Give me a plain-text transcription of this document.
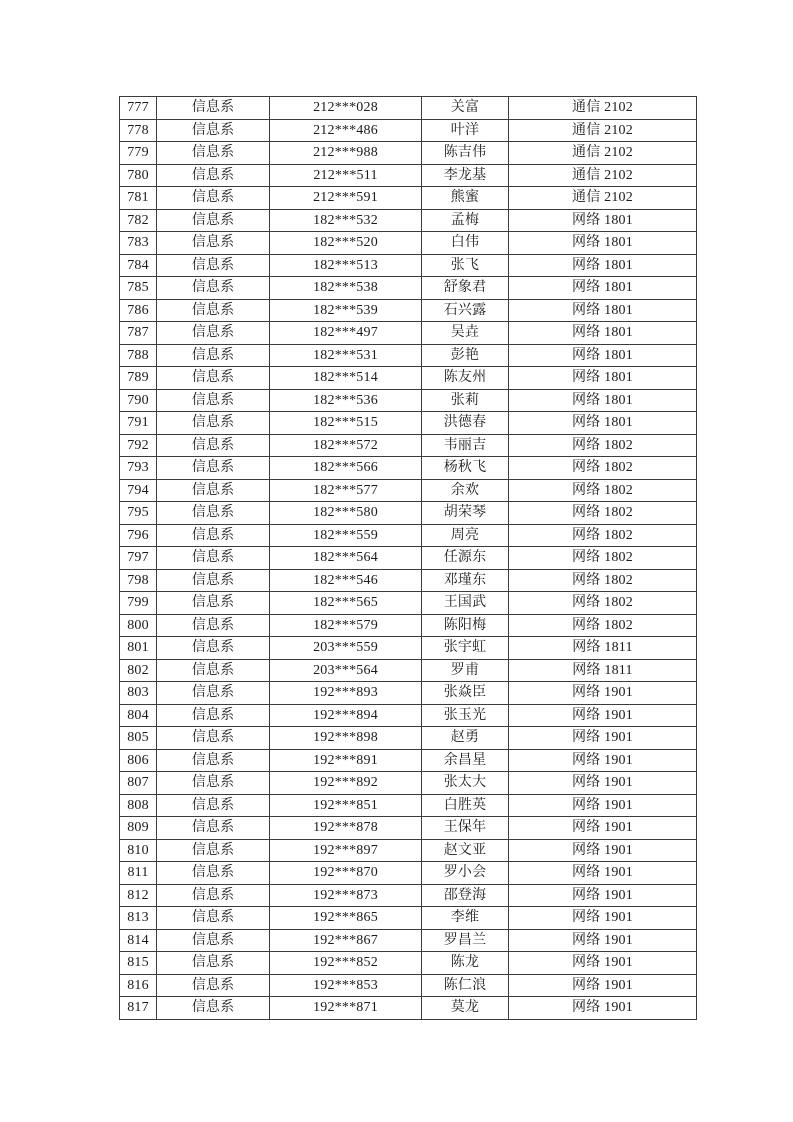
777	信息系	212***028	关富	通信 2102
778	信息系	212***486	叶洋	通信 2102
779	信息系	212***988	陈吉伟	通信 2102
780	信息系	212***511	李龙基	通信 2102
781	信息系	212***591	熊蜜	通信 2102
782	信息系	182***532	孟梅	网络 1801
783	信息系	182***520	白伟	网络 1801
784	信息系	182***513	张飞	网络 1801
785	信息系	182***538	舒象君	网络 1801
786	信息系	182***539	石兴露	网络 1801
787	信息系	182***497	吴垚	网络 1801
788	信息系	182***531	彭艳	网络 1801
789	信息系	182***514	陈友州	网络 1801
790	信息系	182***536	张莉	网络 1801
791	信息系	182***515	洪德春	网络 1801
792	信息系	182***572	韦丽吉	网络 1802
793	信息系	182***566	杨秋飞	网络 1802
794	信息系	182***577	余欢	网络 1802
795	信息系	182***580	胡荣琴	网络 1802
796	信息系	182***559	周亮	网络 1802
797	信息系	182***564	任源东	网络 1802
798	信息系	182***546	邓瑾东	网络 1802
799	信息系	182***565	王国武	网络 1802
800	信息系	182***579	陈阳梅	网络 1802
801	信息系	203***559	张宇虹	网络 1811
802	信息系	203***564	罗甫	网络 1811
803	信息系	192***893	张焱臣	网络 1901
804	信息系	192***894	张玉光	网络 1901
805	信息系	192***898	赵勇	网络 1901
806	信息系	192***891	余昌星	网络 1901
807	信息系	192***892	张太大	网络 1901
808	信息系	192***851	白胜英	网络 1901
809	信息系	192***878	王保年	网络 1901
810	信息系	192***897	赵文亚	网络 1901
811	信息系	192***870	罗小会	网络 1901
812	信息系	192***873	邵登海	网络 1901
813	信息系	192***865	李维	网络 1901
814	信息系	192***867	罗昌兰	网络 1901
815	信息系	192***852	陈龙	网络 1901
816	信息系	192***853	陈仁浪	网络 1901
817	信息系	192***871	莫龙	网络 1901
